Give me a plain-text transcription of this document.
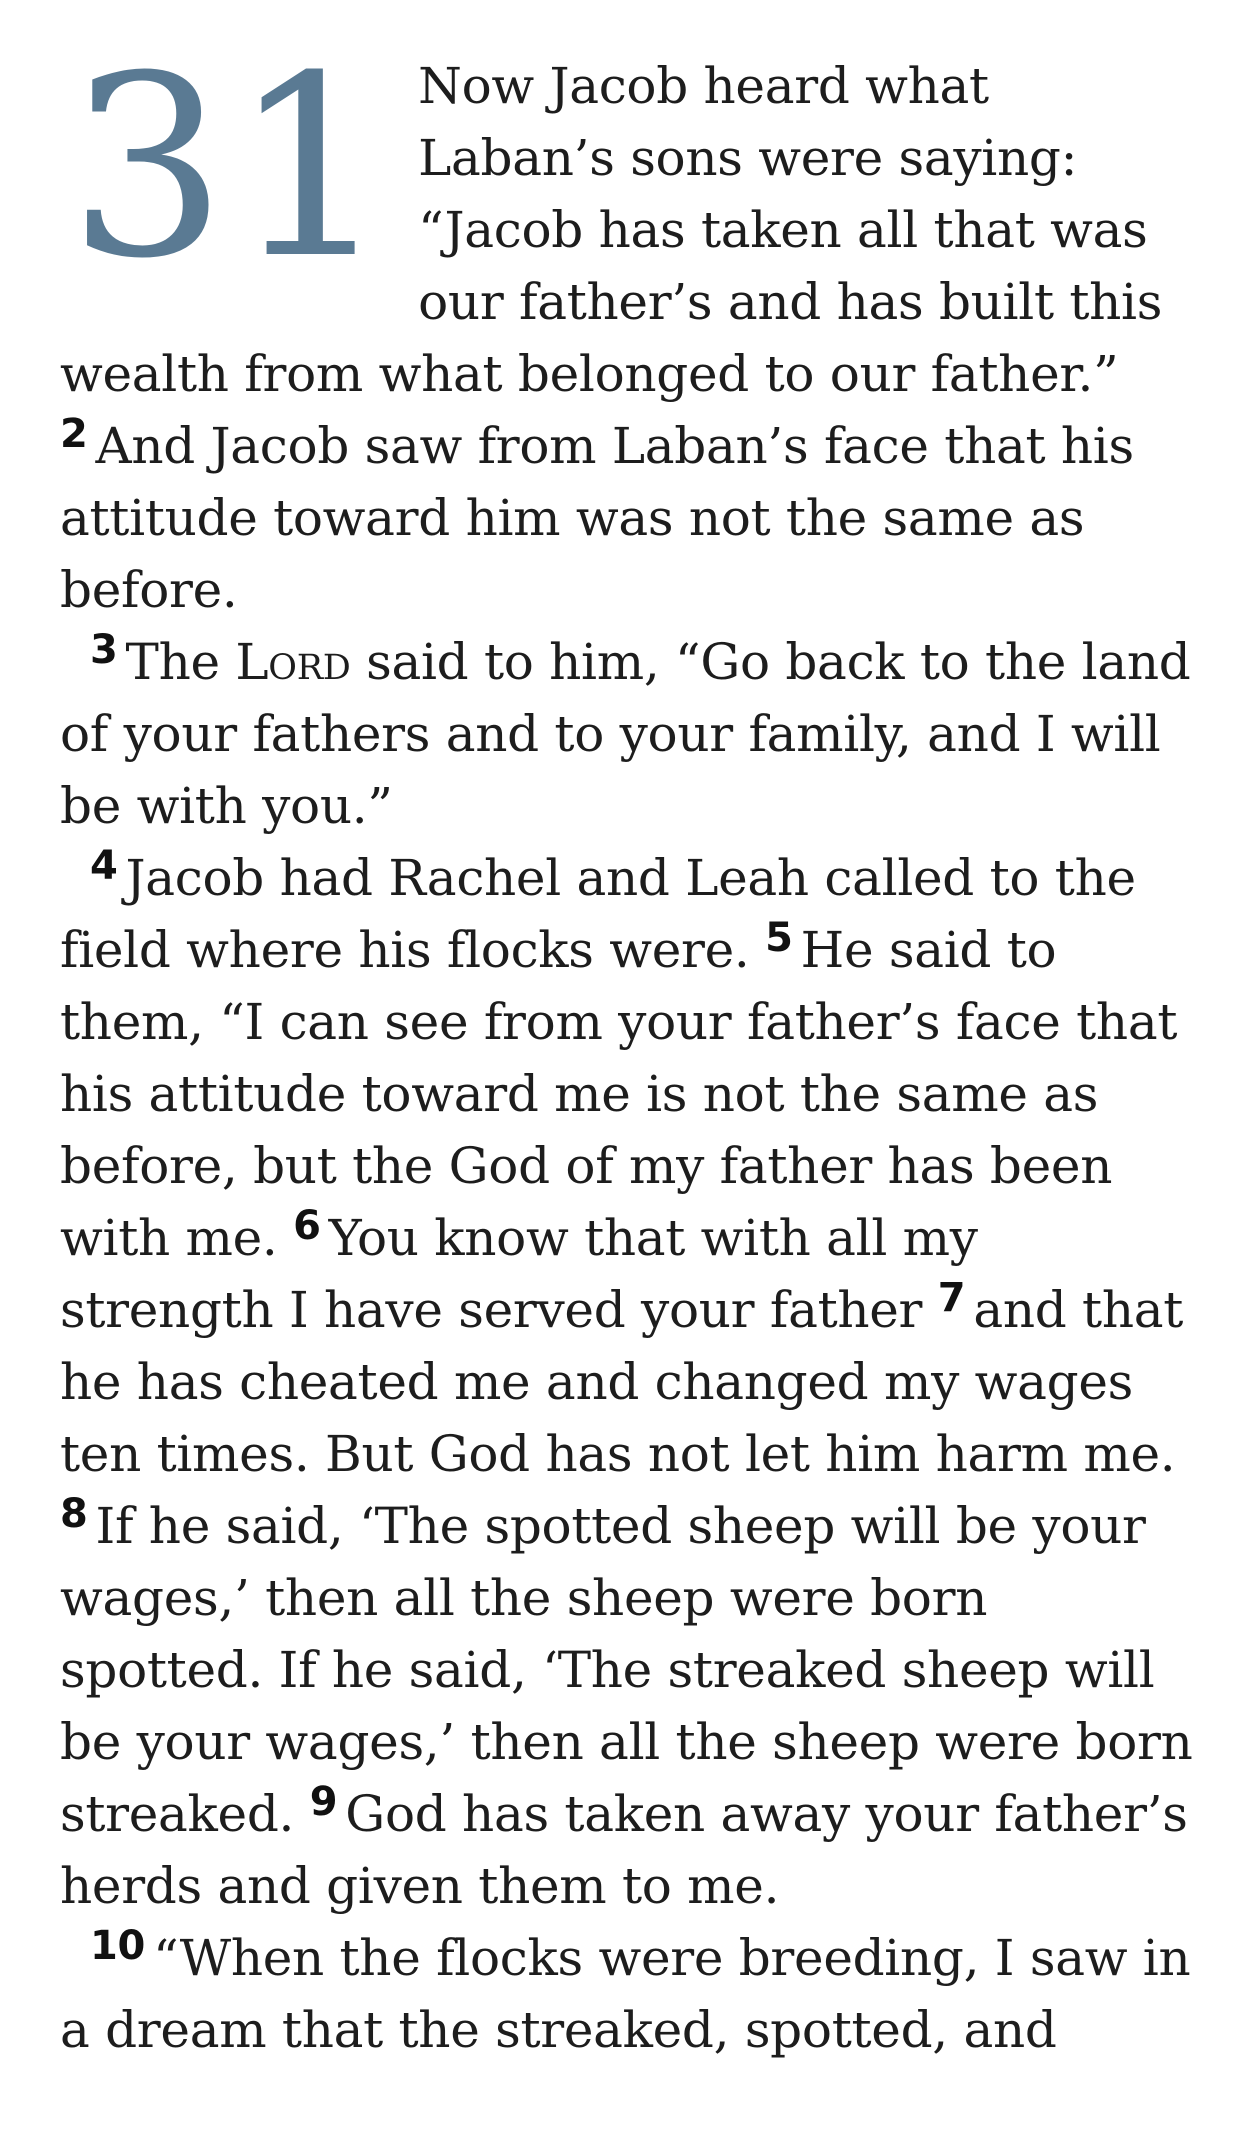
31 Now Jacob heard what Laban’s sons were saying: “Jacob has taken all that was our father’s and has built this wealth from what belonged to our father.” $^2$ And Jacob saw from Laban’s face that his attitude toward him was not the same as before.

$^3$ The Lord said to him, “Go back to the land of your fathers and to your family, and I will be with you.”

$^4$ Jacob had Rachel and Leah called to the field where his flocks were. $^5$ He said to them, “I can see from your father’s face that his attitude toward me is not the same as before, but the God of my father has been with me. $^6$ You know that with all my strength I have served your father $^7$ and that he has cheated me and changed my wages ten times. But God has not let him harm me. $^8$ If he said, ‘The spotted sheep will be your wages,’ then all the sheep were born spotted. If he said, ‘The streaked sheep will be your wages,’ then all the sheep were born streaked. $^9$ God has taken away your father’s herds and given them to me.

$^{10}$ “When the flocks were breeding, I saw in a dream that the streaked, spotted, and
